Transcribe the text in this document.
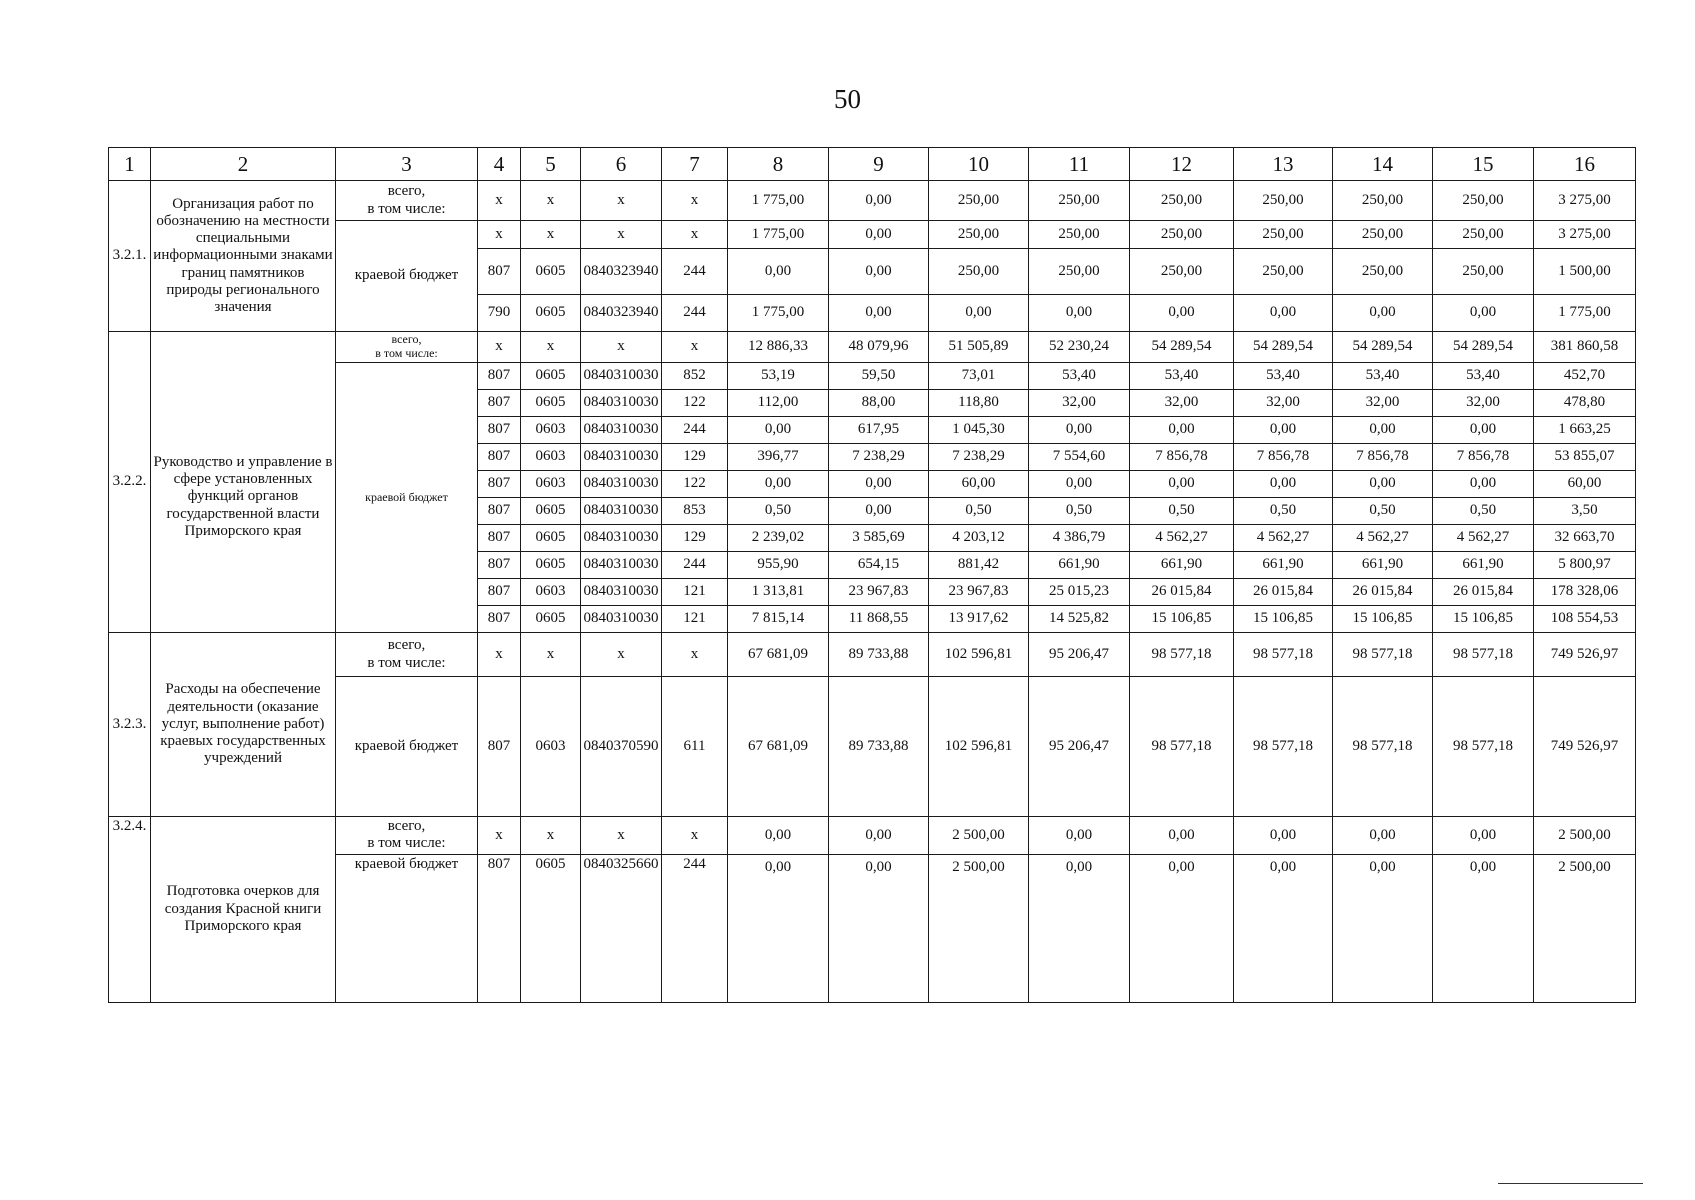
50
1	2	3	4	5	6	7	8	9	10	11	12	13	14	15	16
3.2.1.	Организация работ по обозначению на местности специальными информационными знаками границ памятников природы регионального значения	всего,
в том числе:	x	x	x	x	1 775,00	0,00	250,00	250,00	250,00	250,00	250,00	250,00	3 275,00
		краевой бюджет	x	x	x	x	1 775,00	0,00	250,00	250,00	250,00	250,00	250,00	250,00	3 275,00
			807	0605	0840323940	244	0,00	0,00	250,00	250,00	250,00	250,00	250,00	250,00	1 500,00
			790	0605	0840323940	244	1 775,00	0,00	0,00	0,00	0,00	0,00	0,00	0,00	1 775,00
3.2.2.	Руководство и управление в сфере установленных функций органов государственной власти Приморского края	всего,
в том числе:	x	x	x	x	12 886,33	48 079,96	51 505,89	52 230,24	54 289,54	54 289,54	54 289,54	54 289,54	381 860,58
		краевой бюджет	807	0605	0840310030	852	53,19	59,50	73,01	53,40	53,40	53,40	53,40	53,40	452,70
			807	0605	0840310030	122	112,00	88,00	118,80	32,00	32,00	32,00	32,00	32,00	478,80
			807	0603	0840310030	244	0,00	617,95	1 045,30	0,00	0,00	0,00	0,00	0,00	1 663,25
			807	0603	0840310030	129	396,77	7 238,29	7 238,29	7 554,60	7 856,78	7 856,78	7 856,78	7 856,78	53 855,07
			807	0603	0840310030	122	0,00	0,00	60,00	0,00	0,00	0,00	0,00	0,00	60,00
			807	0605	0840310030	853	0,50	0,00	0,50	0,50	0,50	0,50	0,50	0,50	3,50
			807	0605	0840310030	129	2 239,02	3 585,69	4 203,12	4 386,79	4 562,27	4 562,27	4 562,27	4 562,27	32 663,70
			807	0605	0840310030	244	955,90	654,15	881,42	661,90	661,90	661,90	661,90	661,90	5 800,97
			807	0603	0840310030	121	1 313,81	23 967,83	23 967,83	25 015,23	26 015,84	26 015,84	26 015,84	26 015,84	178 328,06
			807	0605	0840310030	121	7 815,14	11 868,55	13 917,62	14 525,82	15 106,85	15 106,85	15 106,85	15 106,85	108 554,53
3.2.3.	Расходы на обеспечение деятельности (оказание услуг, выполнение работ) краевых государственных учреждений	всего,
в том числе:	x	x	x	x	67 681,09	89 733,88	102 596,81	95 206,47	98 577,18	98 577,18	98 577,18	98 577,18	749 526,97
		краевой бюджет	807	0603	0840370590	611	67 681,09	89 733,88	102 596,81	95 206,47	98 577,18	98 577,18	98 577,18	98 577,18	749 526,97
3.2.4.	Подготовка очерков для создания Красной книги Приморского края	всего,
в том числе:	x	x	x	x	0,00	0,00	2 500,00	0,00	0,00	0,00	0,00	0,00	2 500,00
		краевой бюджет	807	0605	0840325660	244	0,00	0,00	2 500,00	0,00	0,00	0,00	0,00	0,00	2 500,00
